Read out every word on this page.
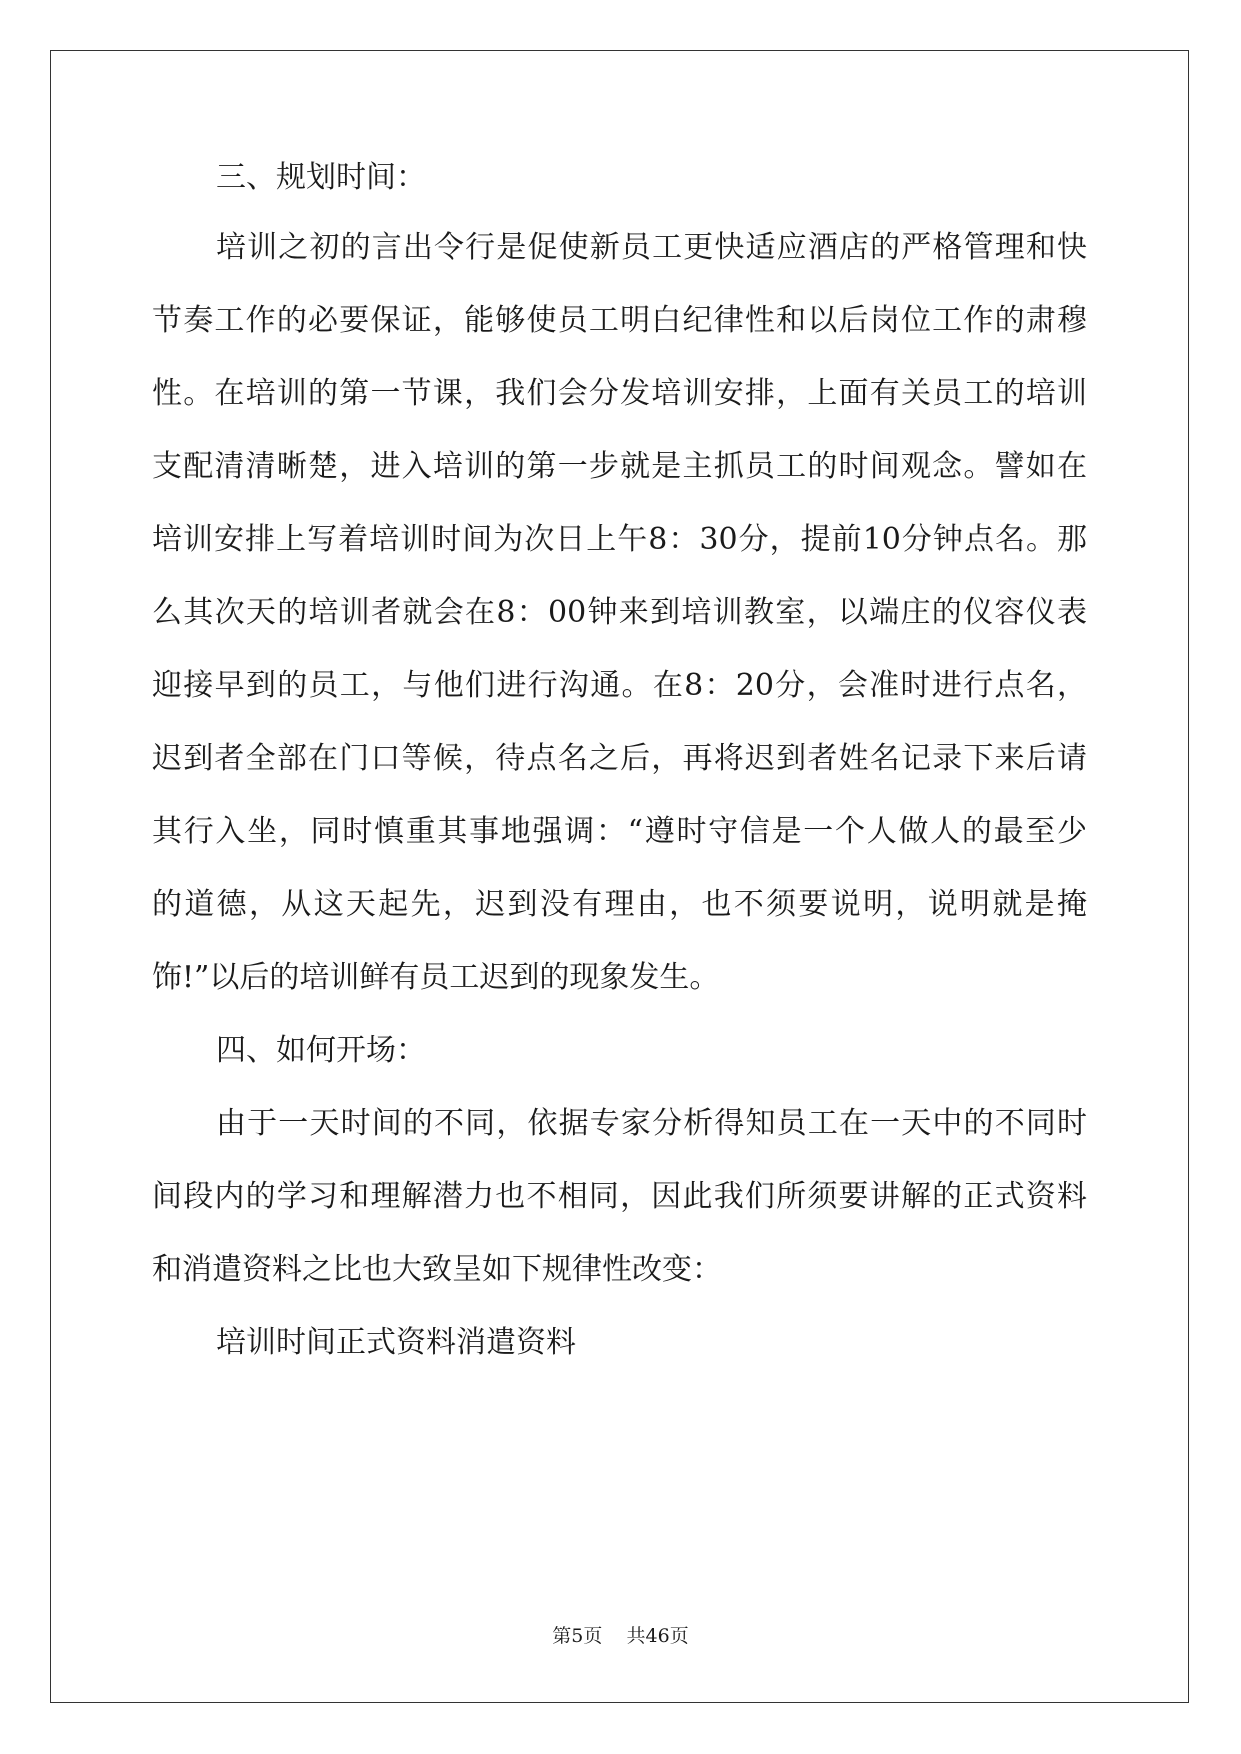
三、规划时间：
培训之初的言出令行是促使新员工更快适应酒店的严格管理和快
节奏工作的必要保证，能够使员工明白纪律性和以后岗位工作的肃穆
性。在培训的第一节课，我们会分发培训安排，上面有关员工的培训
支配清清晰楚，进入培训的第一步就是主抓员工的时间观念。譬如在
培训安排上写着培训时间为次日上午8：30分，提前10分钟点名。那
么其次天的培训者就会在8：00钟来到培训教室，以端庄的仪容仪表
迎接早到的员工，与他们进行沟通。在8：20分，会准时进行点名，
迟到者全部在门口等候，待点名之后，再将迟到者姓名记录下来后请
其行入坐，同时慎重其事地强调：“遵时守信是一个人做人的最至少
的道德，从这天起先，迟到没有理由，也不须要说明，说明就是掩
饰!”以后的培训鲜有员工迟到的现象发生。
四、如何开场：
由于一天时间的不同，依据专家分析得知员工在一天中的不同时
间段内的学习和理解潜力也不相同，因此我们所须要讲解的正式资料
和消遣资料之比也大致呈如下规律性改变：
培训时间正式资料消遣资料
第5页 共46页
